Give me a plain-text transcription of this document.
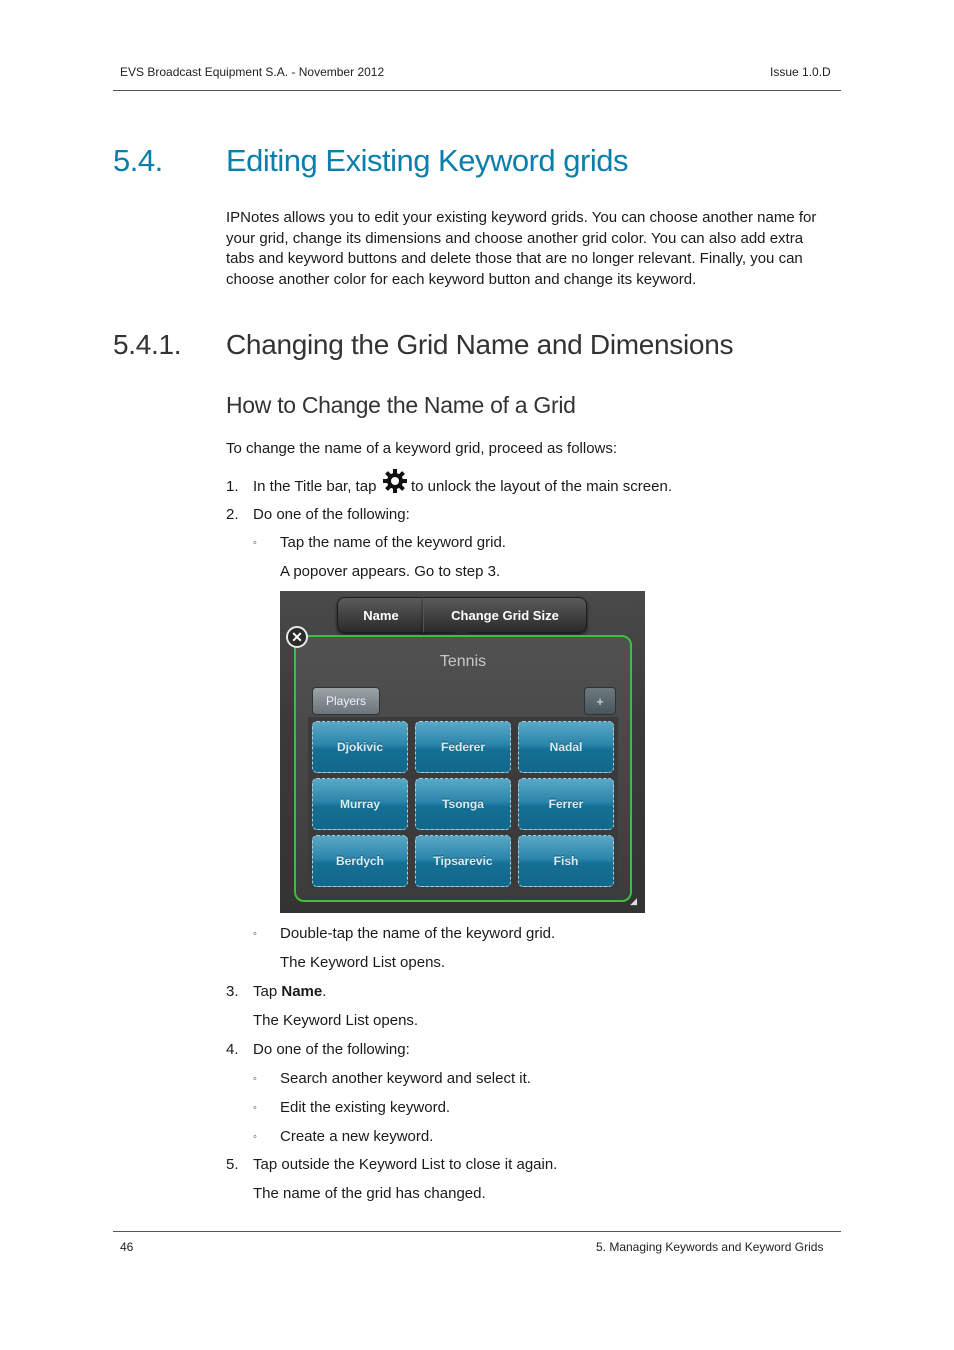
EVS Broadcast Equipment S.A. - November 2012	Issue 1.0.D
5.4. Editing Existing Keyword grids
IPNotes allows you to edit your existing keyword grids. You can choose another name for
your grid, change its dimensions and choose another grid color. You can also add extra
tabs and keyword buttons and delete those that are no longer relevant. Finally, you can
choose another color for each keyword button and change its keyword.
5.4.1. Changing the Grid Name and Dimensions
How to Change the Name of a Grid
To change the name of a keyword grid, proceed as follows:
1. In the Title bar, tap to unlock the layout of the main screen.
2. Do one of the following:
◦ Tap the name of the keyword grid.
A popover appears. Go to step 3.
Name	Change Grid Size
Tennis
Players	+
Djokivic	Federer	Nadal
Murray	Tsonga	Ferrer
Berdych	Tipsarevic	Fish
✕
◢
◦ Double-tap the name of the keyword grid.
The Keyword List opens.
3. Tap Name.
The Keyword List opens.
4. Do one of the following:
◦ Search another keyword and select it.
◦ Edit the existing keyword.
◦ Create a new keyword.
5. Tap outside the Keyword List to close it again.
The name of the grid has changed.
46	5. Managing Keywords and Keyword Grids
